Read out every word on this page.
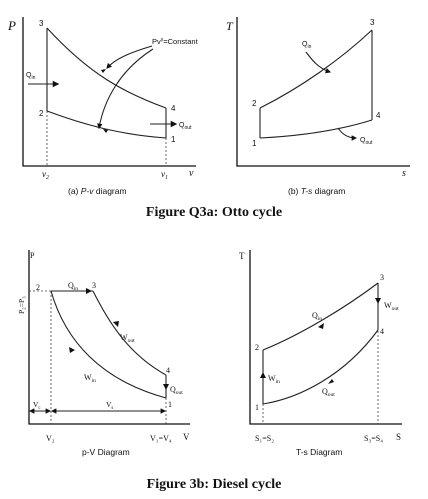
P
v
3
2
4
1
$Pv^\gamma=Constant$
$Q_{in}$
$Q_{out}$
$v_2$	$v_1$
(a) P-v diagram
T
s
3
2
4
1
$Q_{in}$
$Q_{out}$
(b) T-s diagram
Figure Q3a: Otto cycle
P
P₂=P₃
V
2	3
4
1
$Q_{in}$
$W_{out}$
$W_{in}$
$Q_{out}$
$V_c$	$V_s$
V₂	V₁=V₄
p-V Diagram
T
S
2
3
4
1
$Q_{in}$
$W_{out}$
$W_{in}$
$Q_{out}$
S₁=S₂	S₃=S₄
T-s Diagram
Figure 3b: Diesel cycle
